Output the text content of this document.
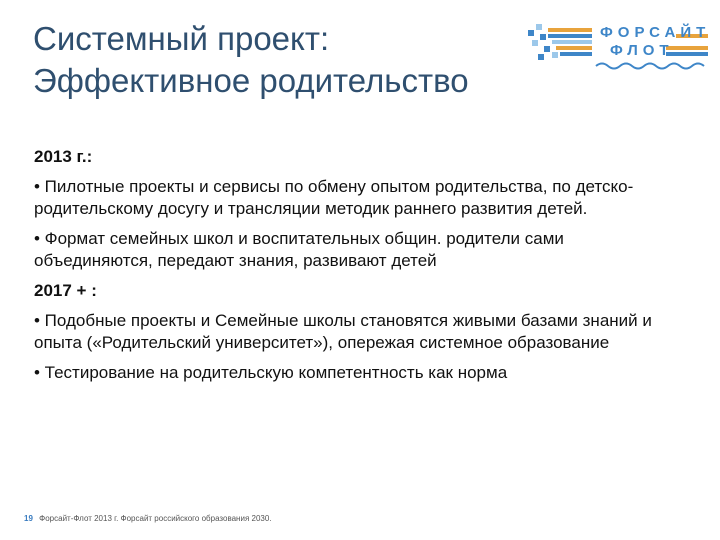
Системный проект:
Эффективное родительство
ФОРСАЙТ
ФЛОТ
2013 г.:
• Пилотные проекты и сервисы по обмену опытом родительства, по детско-родительскому досугу и трансляции методик раннего развития детей.
• Формат семейных школ и воспитательных общин. родители сами объединяются, передают знания, развивают детей
2017 + :
• Подобные проекты и Семейные школы становятся живыми базами знаний и опыта («Родительский университет»), опережая системное образование
• Тестирование на родительскую компетентность как норма
19 Форсайт-Флот 2013 г. Форсайт российского образования 2030.
